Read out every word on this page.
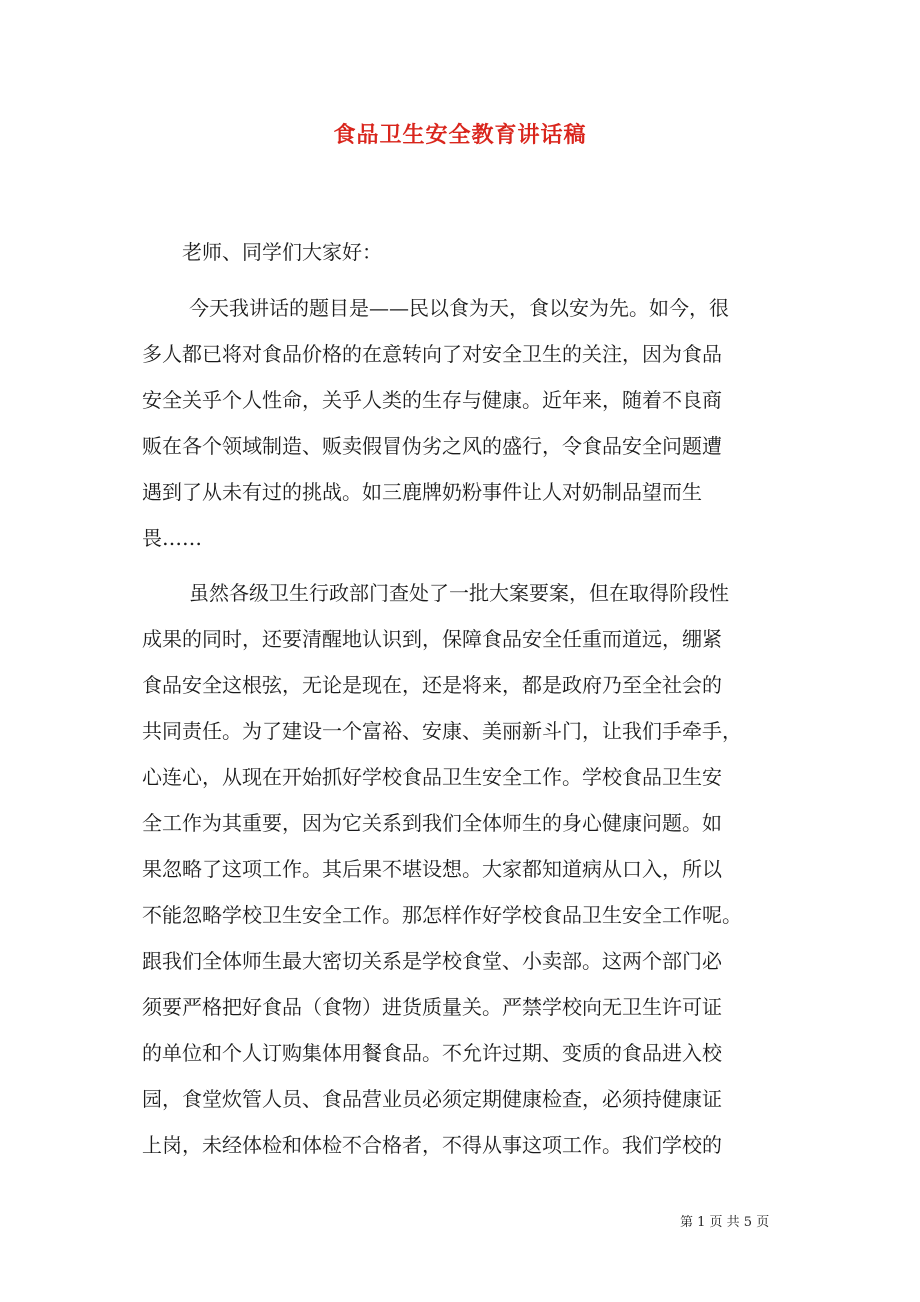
食品卫生安全教育讲话稿

老师、同学们大家好：

今天我讲话的题目是——民以食为天，食以安为先。如今，很

多人都已将对食品价格的在意转向了对安全卫生的关注，因为食品

安全关乎个人性命，关乎人类的生存与健康。近年来，随着不良商

贩在各个领域制造、贩卖假冒伪劣之风的盛行，令食品安全问题遭

遇到了从未有过的挑战。如三鹿牌奶粉事件让人对奶制品望而生

畏……

虽然各级卫生行政部门查处了一批大案要案，但在取得阶段性

成果的同时，还要清醒地认识到，保障食品安全任重而道远，绷紧

食品安全这根弦，无论是现在，还是将来，都是政府乃至全社会的

共同责任。为了建设一个富裕、安康、美丽新斗门，让我们手牵手，

心连心，从现在开始抓好学校食品卫生安全工作。学校食品卫生安

全工作为其重要，因为它关系到我们全体师生的身心健康问题。如

果忽略了这项工作。其后果不堪设想。大家都知道病从口入，所以

不能忽略学校卫生安全工作。那怎样作好学校食品卫生安全工作呢。

跟我们全体师生最大密切关系是学校食堂、小卖部。这两个部门必

须要严格把好食品（食物）进货质量关。严禁学校向无卫生许可证

的单位和个人订购集体用餐食品。不允许过期、变质的食品进入校

园，食堂炊管人员、食品营业员必须定期健康检查，必须持健康证

上岗，未经体检和体检不合格者，不得从事这项工作。我们学校的

第 1 页 共 5 页
